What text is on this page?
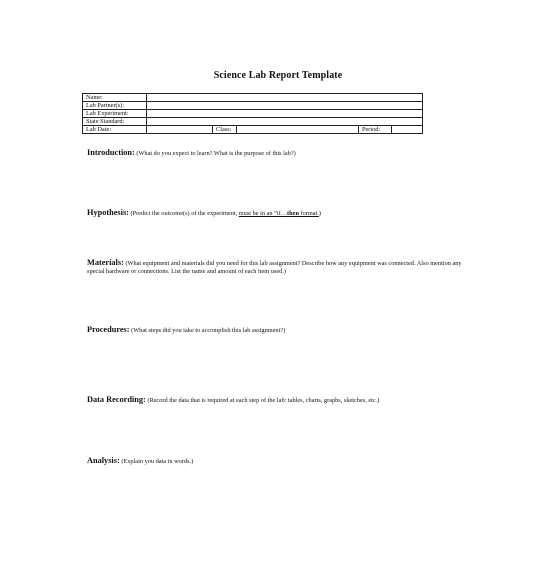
Science Lab Report Template
Name:					
Lab Partner(s):					
Lab Experiment:					
State Standard:					
Lab Date:		Class:		Period:	
Introduction: (What do you expect to learn? What is the purpose of this lab?)
Hypothesis: (Predict the outcome(s) of the experiment, must be in an “if…then format.)
Materials: (What equipment and materials did you need for this lab assignment? Describe how any equipment was connected. Also mention any special hardware or connections. List the name and amount of each item used.)
Procedures: (What steps did you take to accomplish this lab assignment?)
Data Recording: (Record the data that is required at each step of the lab: tables, charts, graphs, sketches, etc.)
Analysis: (Explain you data in words.)
